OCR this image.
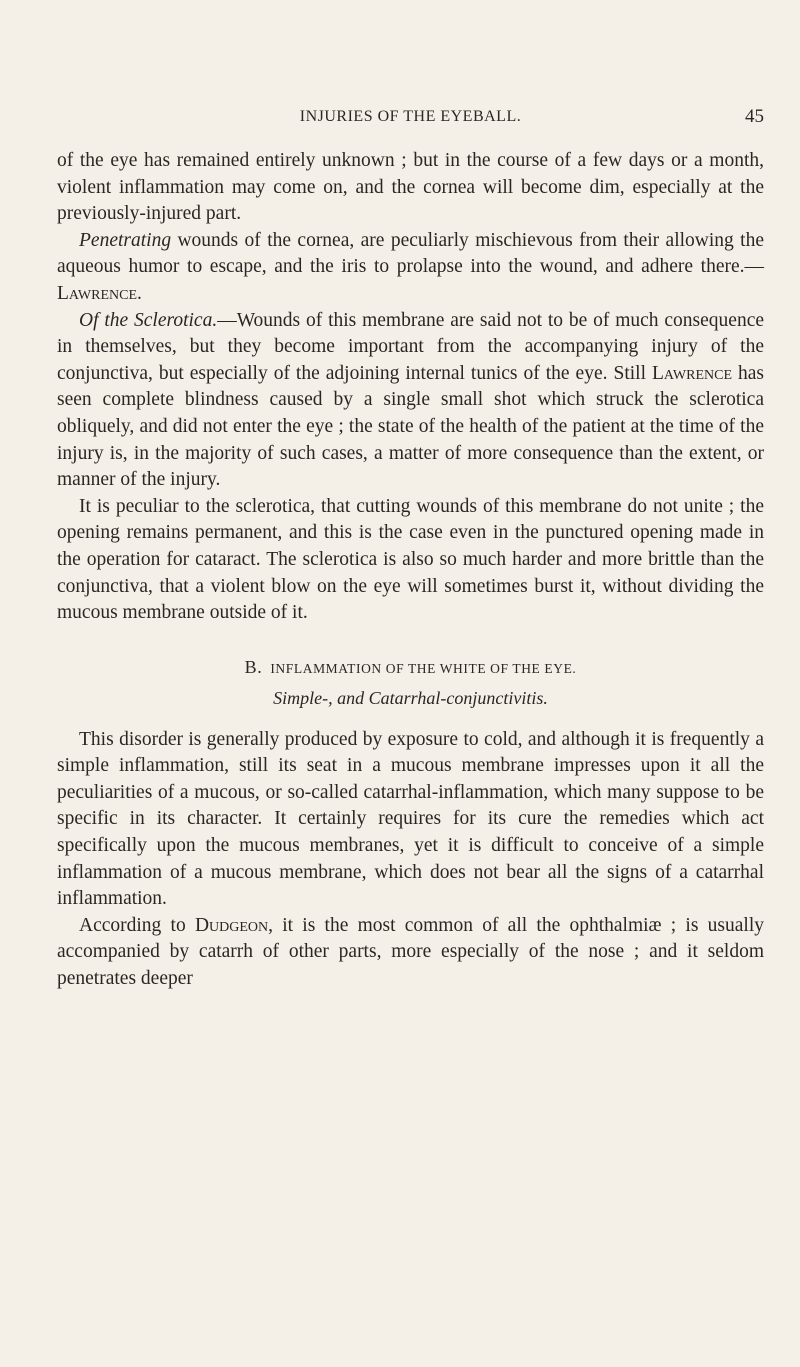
INJURIES OF THE EYEBALL.	45

of the eye has remained entirely unknown ; but in the course of a few days or a month, violent inflammation may come on, and the cornea will become dim, especially at the previously-injured part.

Penetrating wounds of the cornea, are peculiarly mischievous from their allowing the aqueous humor to escape, and the iris to prolapse into the wound, and adhere there.—Lawrence.

Of the Sclerotica.—Wounds of this membrane are said not to be of much consequence in themselves, but they become important from the accompanying injury of the conjunctiva, but especially of the adjoining internal tunics of the eye. Still Lawrence has seen complete blindness caused by a single small shot which struck the sclerotica obliquely, and did not enter the eye ; the state of the health of the patient at the time of the injury is, in the majority of such cases, a matter of more consequence than the extent, or manner of the injury.

It is peculiar to the sclerotica, that cutting wounds of this membrane do not unite ; the opening remains permanent, and this is the case even in the punctured opening made in the operation for cataract. The sclerotica is also so much harder and more brittle than the conjunctiva, that a violent blow on the eye will sometimes burst it, without dividing the mucous membrane outside of it.

B. INFLAMMATION OF THE WHITE OF THE EYE.
Simple-, and Catarrhal-conjunctivitis.

This disorder is generally produced by exposure to cold, and although it is frequently a simple inflammation, still its seat in a mucous membrane impresses upon it all the peculiarities of a mucous, or so-called catarrhal-inflammation, which many suppose to be specific in its character. It certainly requires for its cure the remedies which act specifically upon the mucous membranes, yet it is difficult to conceive of a simple inflammation of a mucous membrane, which does not bear all the signs of a catarrhal inflammation.

According to Dudgeon, it is the most common of all the ophthalmiæ ; is usually accompanied by catarrh of other parts, more especially of the nose ; and it seldom penetrates deeper
